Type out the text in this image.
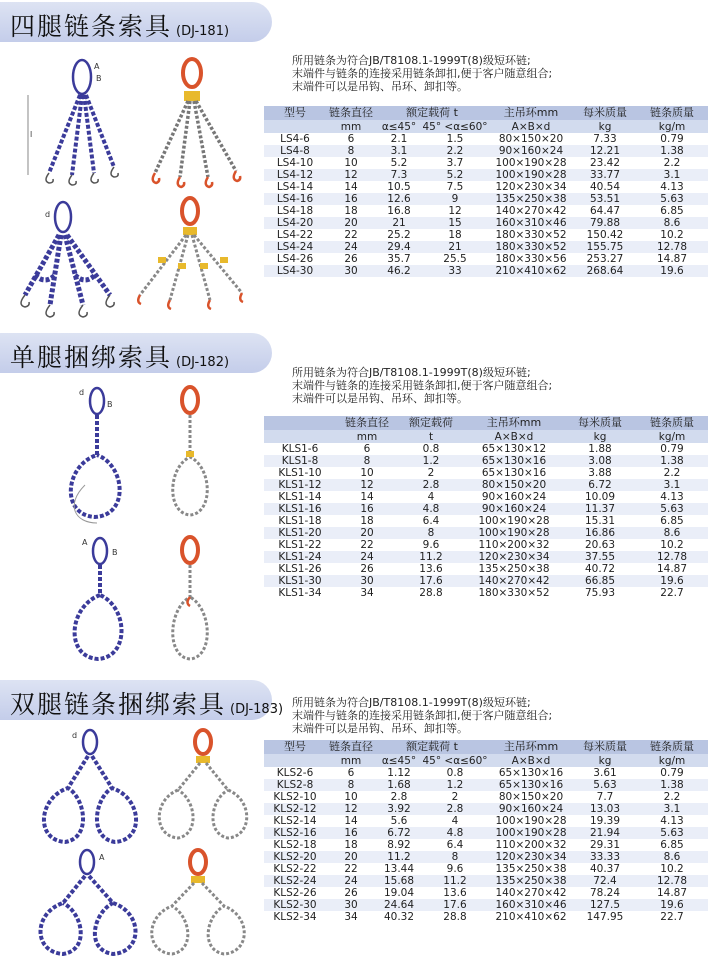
四腿链条索具 (DJ-181)
A
B
l
d
所用链条为符合JB/T8108.1-1999T(8)级短环链;
末端件与链条的连接采用链条卸扣,便于客户随意组合;
末端件可以是吊钩、吊环、卸扣等。
型号	链条直径	额定载荷 t		主吊环mm	每米质量	链条质量
	mm	α≤45°	45° <α≤60°	A×B×d	kg	kg/m
LS4-6	6	2.1	1.5	80×150×20	7.33	0.79
LS4-8	8	3.1	2.2	90×160×24	12.21	1.38
LS4-10	10	5.2	3.7	100×190×28	23.42	2.2
LS4-12	12	7.3	5.2	100×190×28	33.77	3.1
LS4-14	14	10.5	7.5	120×230×34	40.54	4.13
LS4-16	16	12.6	9	135×250×38	53.51	5.63
LS4-18	18	16.8	12	140×270×42	64.47	6.85
LS4-20	20	21	15	160×310×46	79.88	8.6
LS4-22	22	25.2	18	180×330×52	150.42	10.2
LS4-24	24	29.4	21	180×330×52	155.75	12.78
LS4-26	26	35.7	25.5	180×330×56	253.27	14.87
LS4-30	30	46.2	33	210×410×62	268.64	19.6
单腿捆绑索具 (DJ-182)
d
B
A
B
所用链条为符合JB/T8108.1-1999T(8)级短环链;
末端件与链条的连接采用链条卸扣,便于客户随意组合;
末端件可以是吊钩、吊环、卸扣等。
	链条直径	额定载荷	主吊环mm	每米质量	链条质量
	mm	t	A×B×d	kg	kg/m
KLS1-6	6	0.8	65×130×12	1.88	0.79
KLS1-8	8	1.2	65×130×16	3.08	1.38
KLS1-10	10	2	65×130×16	3.88	2.2
KLS1-12	12	2.8	80×150×20	6.72	3.1
KLS1-14	14	4	90×160×24	10.09	4.13
KLS1-16	16	4.8	90×160×24	11.37	5.63
KLS1-18	18	6.4	100×190×28	15.31	6.85
KLS1-20	20	8	100×190×28	16.86	8.6
KLS1-22	22	9.6	110×200×32	20.63	10.2
KLS1-24	24	11.2	120×230×34	37.55	12.78
KLS1-26	26	13.6	135×250×38	40.72	14.87
KLS1-30	30	17.6	140×270×42	66.85	19.6
KLS1-34	34	28.8	180×330×52	75.93	22.7
双腿链条捆绑索具 (DJ-183)
d
A
所用链条为符合JB/T8108.1-1999T(8)级短环链;
末端件与链条的连接采用链条卸扣,便于客户随意组合;
末端件可以是吊钩、吊环、卸扣等。
型号	链条直径	额定载荷 t		主吊环mm	每米质量	链条质量
	mm	α≤45°	45° <α≤60°	A×B×d	kg	kg/m
KLS2-6	6	1.12	0.8	65×130×16	3.61	0.79
KLS2-8	8	1.68	1.2	65×130×16	5.63	1.38
KLS2-10	10	2.8	2	80×150×20	7.7	2.2
KLS2-12	12	3.92	2.8	90×160×24	13.03	3.1
KLS2-14	14	5.6	4	100×190×28	19.39	4.13
KLS2-16	16	6.72	4.8	100×190×28	21.94	5.63
KLS2-18	18	8.92	6.4	110×200×32	29.31	6.85
KLS2-20	20	11.2	8	120×230×34	33.33	8.6
KLS2-22	22	13.44	9.6	135×250×38	40.37	10.2
KLS2-24	24	15.68	11.2	135×250×38	72.4	12.78
KLS2-26	26	19.04	13.6	140×270×42	78.24	14.87
KLS2-30	30	24.64	17.6	160×310×46	127.5	19.6
KLS2-34	34	40.32	28.8	210×410×62	147.95	22.7
